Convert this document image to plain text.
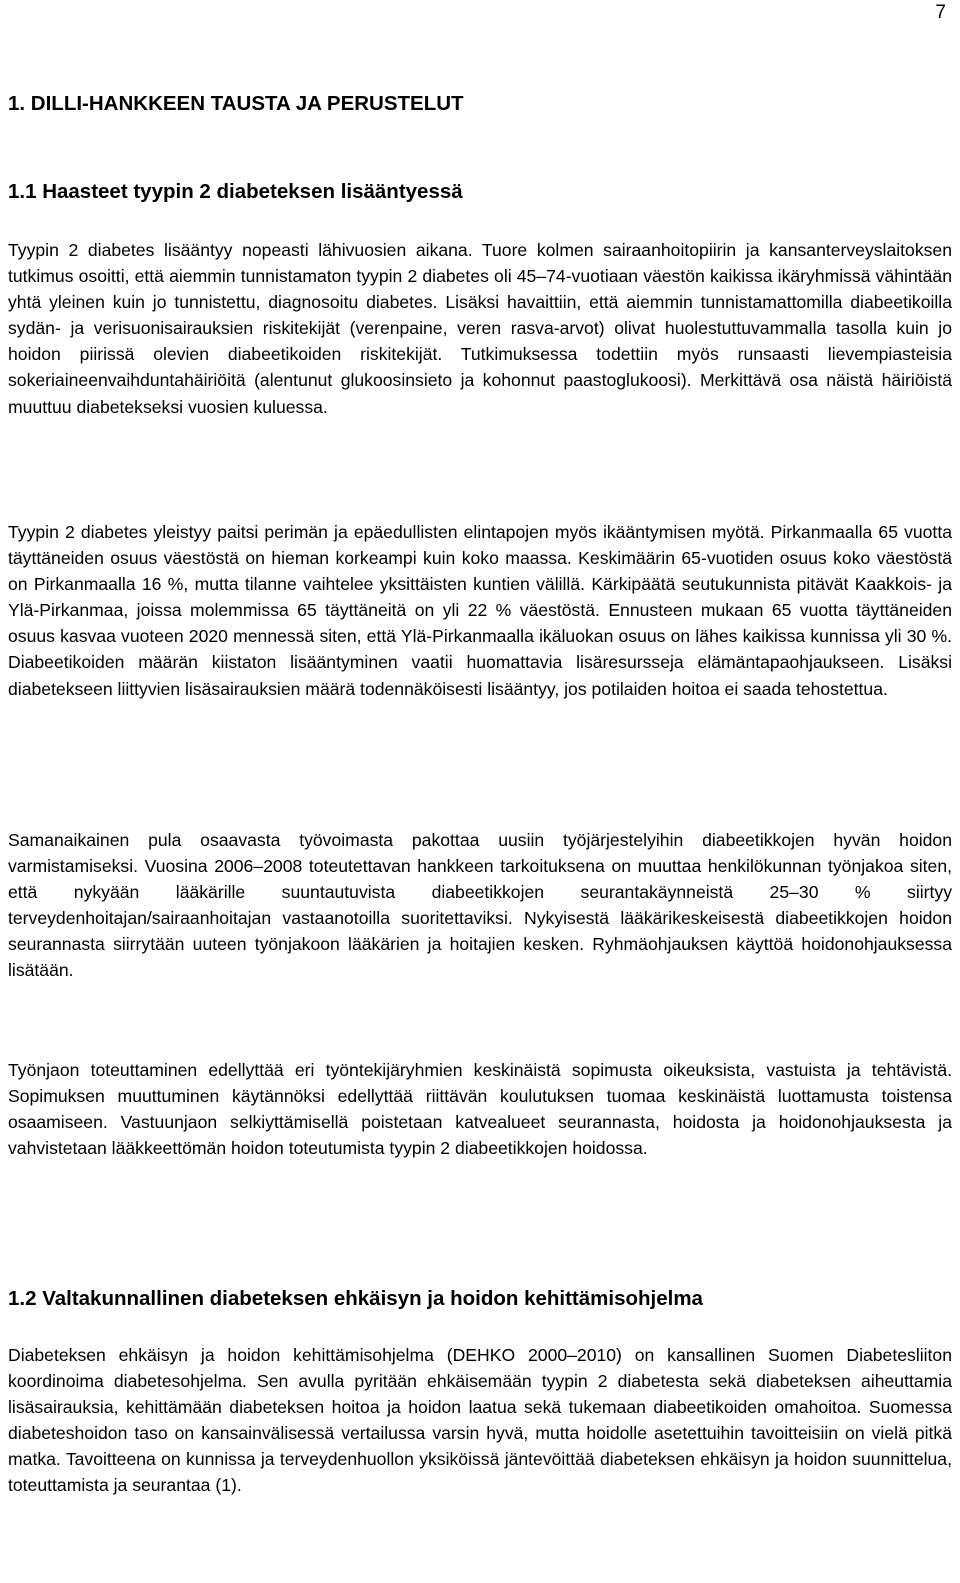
7
1. DILLI-HANKKEEN TAUSTA JA PERUSTELUT
1.1 Haasteet tyypin 2 diabeteksen lisääntyessä

Tyypin 2 diabetes lisääntyy nopeasti lähivuosien aikana. Tuore kolmen sairaanhoitopiirin ja kansanterveyslaitoksen tutkimus osoitti, että aiemmin tunnistamaton tyypin 2 diabetes oli 45–74-vuotiaan väestön kaikissa ikäryhmissä vähintään yhtä yleinen kuin jo tunnistettu, diagnosoitu diabetes. Lisäksi havaittiin, että aiemmin tunnistamattomilla diabeetikoilla sydän- ja verisuonisairauksien riskitekijät (verenpaine, veren rasva-arvot) olivat huolestuttuvammalla tasolla kuin jo hoidon piirissä olevien diabeetikoiden riskitekijät. Tutkimuksessa todettiin myös runsaasti lievempiasteisia sokeriaineenvaihduntahäiriöitä (alentunut glukoosinsieto ja kohonnut paastoglukoosi). Merkittävä osa näistä häiriöistä muuttuu diabetekseksi vuosien kuluessa.

Tyypin 2 diabetes yleistyy paitsi perimän ja epäedullisten elintapojen myös ikääntymisen myötä. Pirkanmaalla 65 vuotta täyttäneiden osuus väestöstä on hieman korkeampi kuin koko maassa. Keskimäärin 65-vuotiden osuus koko väestöstä on Pirkanmaalla 16 %, mutta tilanne vaihtelee yksittäisten kuntien välillä. Kärkipäätä seutukunnista pitävät Kaakkois- ja Ylä-Pirkanmaa, joissa molemmissa 65 täyttäneitä on yli 22 % väestöstä. Ennusteen mukaan 65 vuotta täyttäneiden osuus kasvaa vuoteen 2020 mennessä siten, että Ylä-Pirkanmaalla ikäluokan osuus on lähes kaikissa kunnissa yli 30 %. Diabeetikoiden määrän kiistaton lisääntyminen vaatii huomattavia lisäresursseja elämäntapaohjaukseen. Lisäksi diabetekseen liittyvien lisäsairauksien määrä todennäköisesti lisääntyy, jos potilaiden hoitoa ei saada tehostettua.

Samanaikainen pula osaavasta työvoimasta pakottaa uusiin työjärjestelyihin diabeetikkojen hyvän hoidon varmistamiseksi. Vuosina 2006–2008 toteutettavan hankkeen tarkoituksena on muuttaa henkilökunnan työnjakoa siten, että nykyään lääkärille suuntautuvista diabeetikkojen seurantakäynneistä 25–30 % siirtyy terveydenhoitajan/sairaanhoitajan vastaanotoilla suoritettaviksi. Nykyisestä lääkärikeskeisestä diabeetikkojen hoidon seurannasta siirrytään uuteen työnjakoon lääkärien ja hoitajien kesken. Ryhmäohjauksen käyttöä hoidonohjauksessa lisätään.

Työnjaon toteuttaminen edellyttää eri työntekijäryhmien keskinäistä sopimusta oikeuksista, vastuista ja tehtävistä. Sopimuksen muuttuminen käytännöksi edellyttää riittävän koulutuksen tuomaa keskinäistä luottamusta toistensa osaamiseen. Vastuunjaon selkiyttämisellä poistetaan katvealueet seurannasta, hoidosta ja hoidonohjauksesta ja vahvistetaan lääkkeettömän hoidon toteutumista tyypin 2 diabeetikkojen hoidossa.

1.2 Valtakunnallinen diabeteksen ehkäisyn ja hoidon kehittämisohjelma

Diabeteksen ehkäisyn ja hoidon kehittämisohjelma (DEHKO 2000–2010) on kansallinen Suomen Diabetesliiton koordinoima diabetesohjelma. Sen avulla pyritään ehkäisemään tyypin 2 diabetesta sekä diabeteksen aiheuttamia lisäsairauksia, kehittämään diabeteksen hoitoa ja hoidon laatua sekä tukemaan diabeetikoiden omahoitoa. Suomessa diabeteshoidon taso on kansainvälisessä vertailussa varsin hyvä, mutta hoidolle asetettuihin tavoitteisiin on vielä pitkä matka. Tavoitteena on kunnissa ja terveydenhuollon yksiköissä jäntevöittää diabeteksen ehkäisyn ja hoidon suunnittelua, toteuttamista ja seurantaa (1).
